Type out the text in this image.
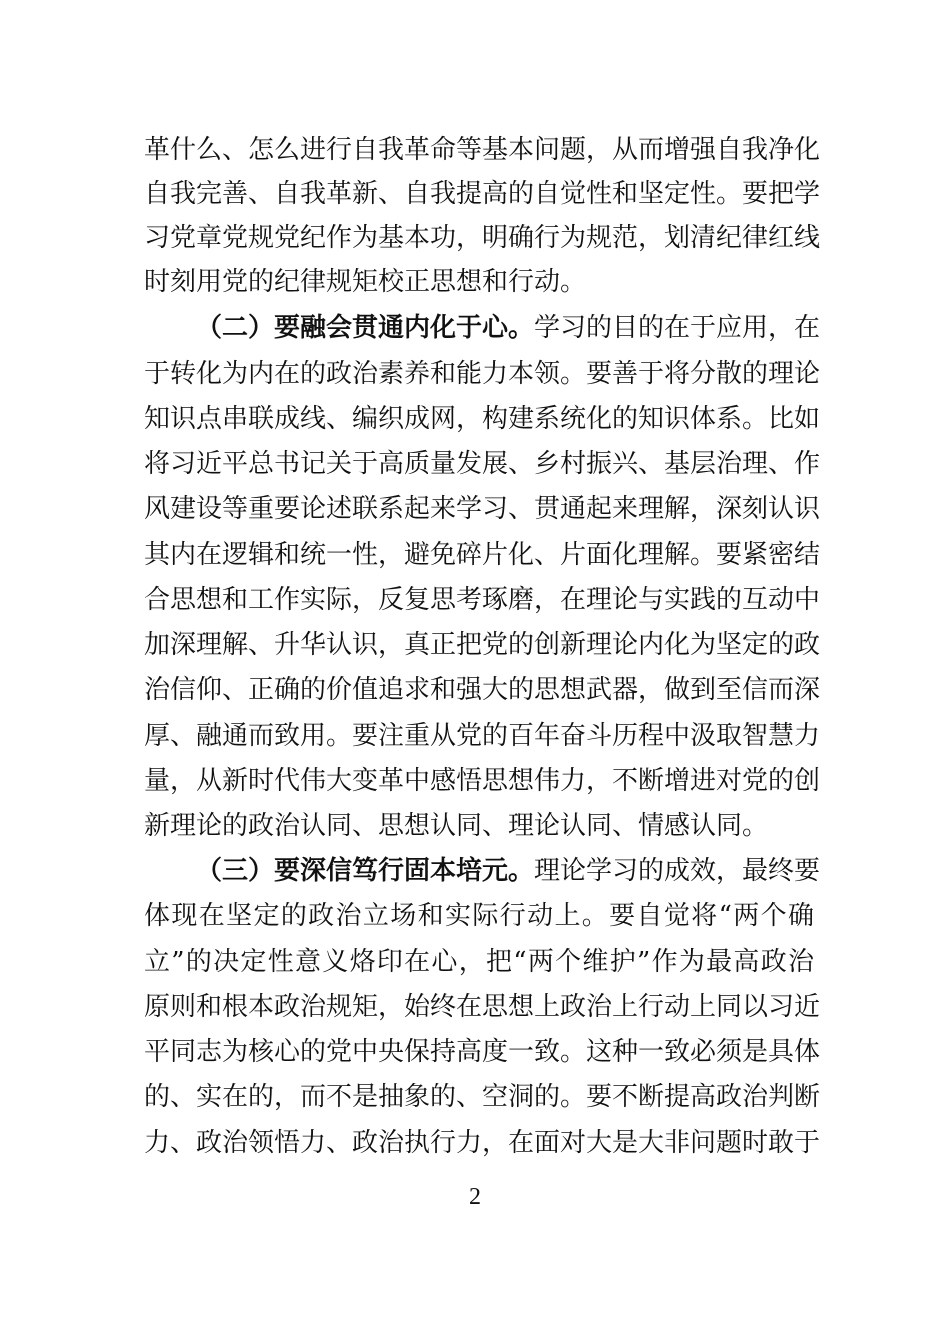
革什么、怎么进行自我革命等基本问题，从而增强自我净化
自我完善、自我革新、自我提高的自觉性和坚定性。要把学
习党章党规党纪作为基本功，明确行为规范，划清纪律红线
时刻用党的纪律规矩校正思想和行动。
（二）要融会贯通内化于心。学习的目的在于应用，在
于转化为内在的政治素养和能力本领。要善于将分散的理论
知识点串联成线、编织成网，构建系统化的知识体系。比如
将习近平总书记关于高质量发展、乡村振兴、基层治理、作
风建设等重要论述联系起来学习、贯通起来理解，深刻认识
其内在逻辑和统一性，避免碎片化、片面化理解。要紧密结
合思想和工作实际，反复思考琢磨，在理论与实践的互动中
加深理解、升华认识，真正把党的创新理论内化为坚定的政
治信仰、正确的价值追求和强大的思想武器，做到至信而深
厚、融通而致用。要注重从党的百年奋斗历程中汲取智慧力
量，从新时代伟大变革中感悟思想伟力，不断增进对党的创
新理论的政治认同、思想认同、理论认同、情感认同。
（三）要深信笃行固本培元。理论学习的成效，最终要
体现在坚定的政治立场和实际行动上。要自觉将“两个确
立”的决定性意义烙印在心，把“两个维护”作为最高政治
原则和根本政治规矩，始终在思想上政治上行动上同以习近
平同志为核心的党中央保持高度一致。这种一致必须是具体
的、实在的，而不是抽象的、空洞的。要不断提高政治判断
力、政治领悟力、政治执行力，在面对大是大非问题时敢于
2
